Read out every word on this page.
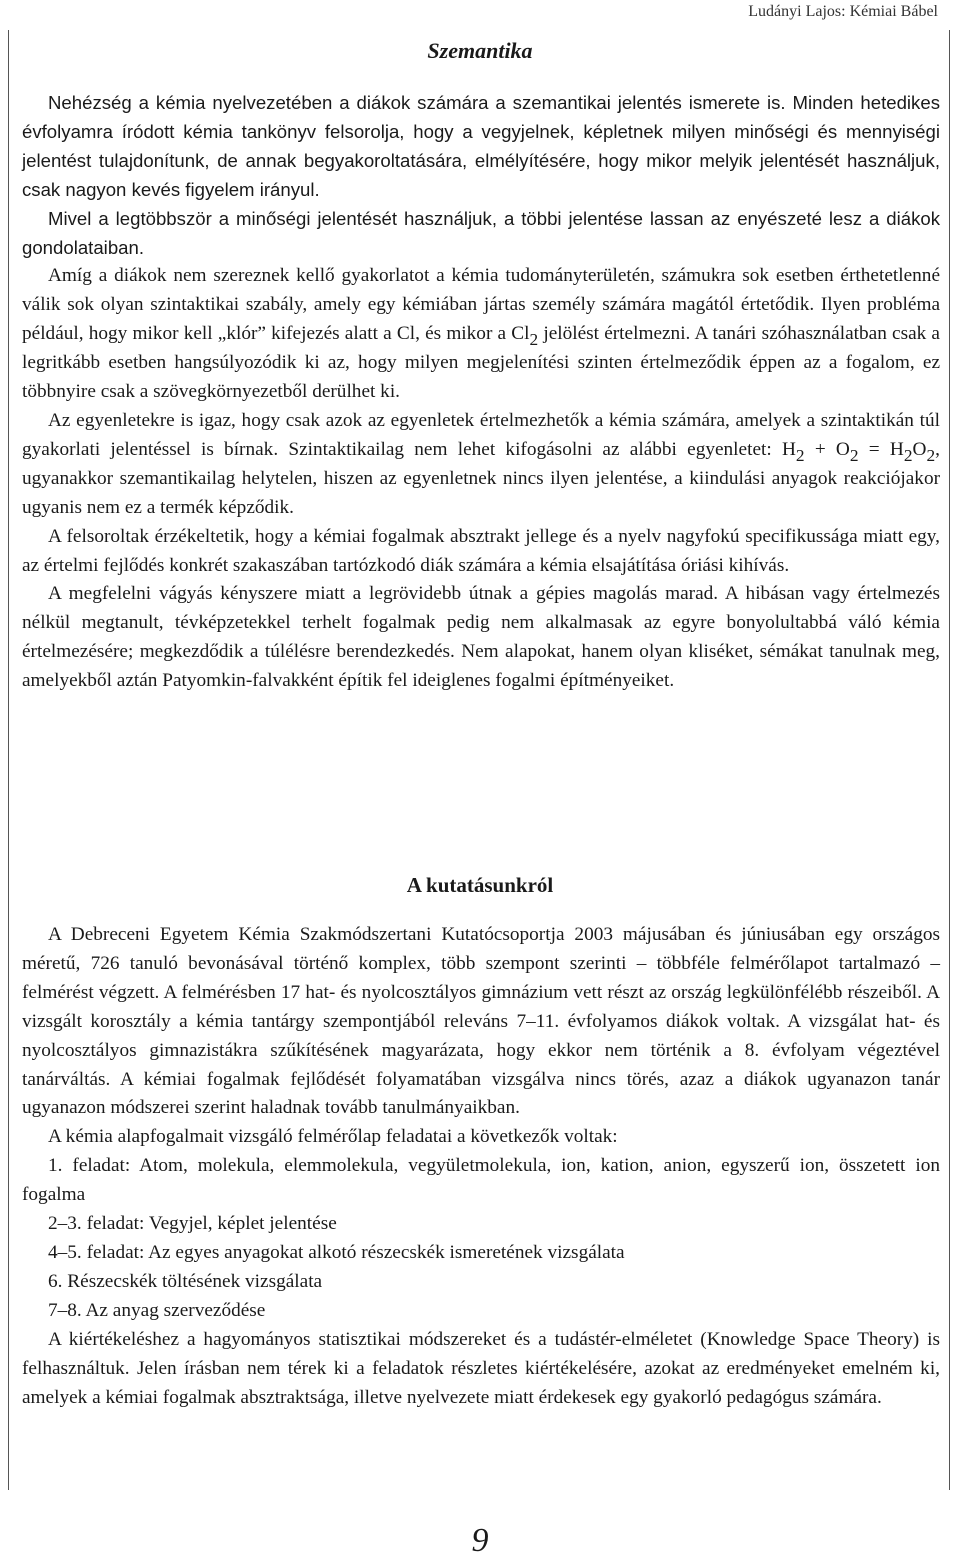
Ludányi Lajos: Kémiai Bábel
Szemantika

Nehézség a kémia nyelvezetében a diákok számára a szemantikai jelentés ismerete is. Minden hetedikes évfolyamra íródott kémia tankönyv felsorolja, hogy a vegyjelnek, képletnek milyen minőségi és mennyiségi jelentést tulajdonítunk, de annak begyakoroltatására, elmélyítésére, hogy mikor melyik jelentését használjuk, csak nagyon kevés figyelem irányul.

Mivel a legtöbbször a minőségi jelentését használjuk, a többi jelentése lassan az enyészeté lesz a diákok gondolataiban.

Amíg a diákok nem szereznek kellő gyakorlatot a kémia tudományterületén, számukra sok esetben érthetetlenné válik sok olyan szintaktikai szabály, amely egy kémiában jártas személy számára magától értetődik. Ilyen probléma például, hogy mikor kell „klór” kifejezés alatt a Cl, és mikor a $Cl_2$ jelölést értelmezni. A tanári szóhasználatban csak a legritkább esetben hangsúlyozódik ki az, hogy milyen megjelenítési szinten értelmeződik éppen az a fogalom, ez többnyire csak a szövegkörnyezetből derülhet ki.

Az egyenletekre is igaz, hogy csak azok az egyenletek értelmezhetők a kémia számára, amelyek a szintaktikán túl gyakorlati jelentéssel is bírnak. Szintaktikailag nem lehet kifogásolni az alábbi egyenletet: $H_2 + O_2 = H_2O_2$, ugyanakkor szemantikailag helytelen, hiszen az egyenletnek nincs ilyen jelentése, a kiindulási anyagok reakciójakor ugyanis nem ez a termék képződik.

A felsoroltak érzékeltetik, hogy a kémiai fogalmak absztrakt jellege és a nyelv nagyfokú specifikussága miatt egy, az értelmi fejlődés konkrét szakaszában tartózkodó diák számára a kémia elsajátítása óriási kihívás.

A megfelelni vágyás kényszere miatt a legrövidebb útnak a gépies magolás marad. A hibásan vagy értelmezés nélkül megtanult, tévképzetekkel terhelt fogalmak pedig nem alkalmasak az egyre bonyolultabbá váló kémia értelmezésére; megkezdődik a túlélésre berendezkedés. Nem alapokat, hanem olyan kliséket, sémákat tanulnak meg, amelyekből aztán Patyomkin-falvakként építik fel ideiglenes fogalmi építményeiket.

A kutatásunkról

A Debreceni Egyetem Kémia Szakmódszertani Kutatócsoportja 2003 májusában és júniusában egy országos méretű, 726 tanuló bevonásával történő komplex, több szempont szerinti – többféle felmérőlapot tartalmazó – felmérést végzett. A felmérésben 17 hat- és nyolcosztályos gimnázium vett részt az ország legkülönfélébb részeiből. A vizsgált korosztály a kémia tantárgy szempontjából releváns 7–11. évfolyamos diákok voltak. A vizsgálat hat- és nyolcosztályos gimnazistákra szűkítésének magyarázata, hogy ekkor nem történik a 8. évfolyam végeztével tanárváltás. A kémiai fogalmak fejlődését folyamatában vizsgálva nincs törés, azaz a diákok ugyanazon tanár ugyanazon módszerei szerint haladnak tovább tanulmányaikban.

A kémia alapfogalmait vizsgáló felmérőlap feladatai a következők voltak:

1. feladat: Atom, molekula, elemmolekula, vegyületmolekula, ion, kation, anion, egyszerű ion, összetett ion fogalma

2–3. feladat: Vegyjel, képlet jelentése

4–5. feladat: Az egyes anyagokat alkotó részecskék ismeretének vizsgálata

6. Részecskék töltésének vizsgálata

7–8. Az anyag szerveződése

A kiértékeléshez a hagyományos statisztikai módszereket és a tudástér-elméletet (Knowledge Space Theory) is felhasználtuk. Jelen írásban nem térek ki a feladatok részletes kiértékelésére, azokat az eredményeket emelném ki, amelyek a kémiai fogalmak absztraktsága, illetve nyelvezete miatt érdekesek egy gyakorló pedagógus számára.

9
